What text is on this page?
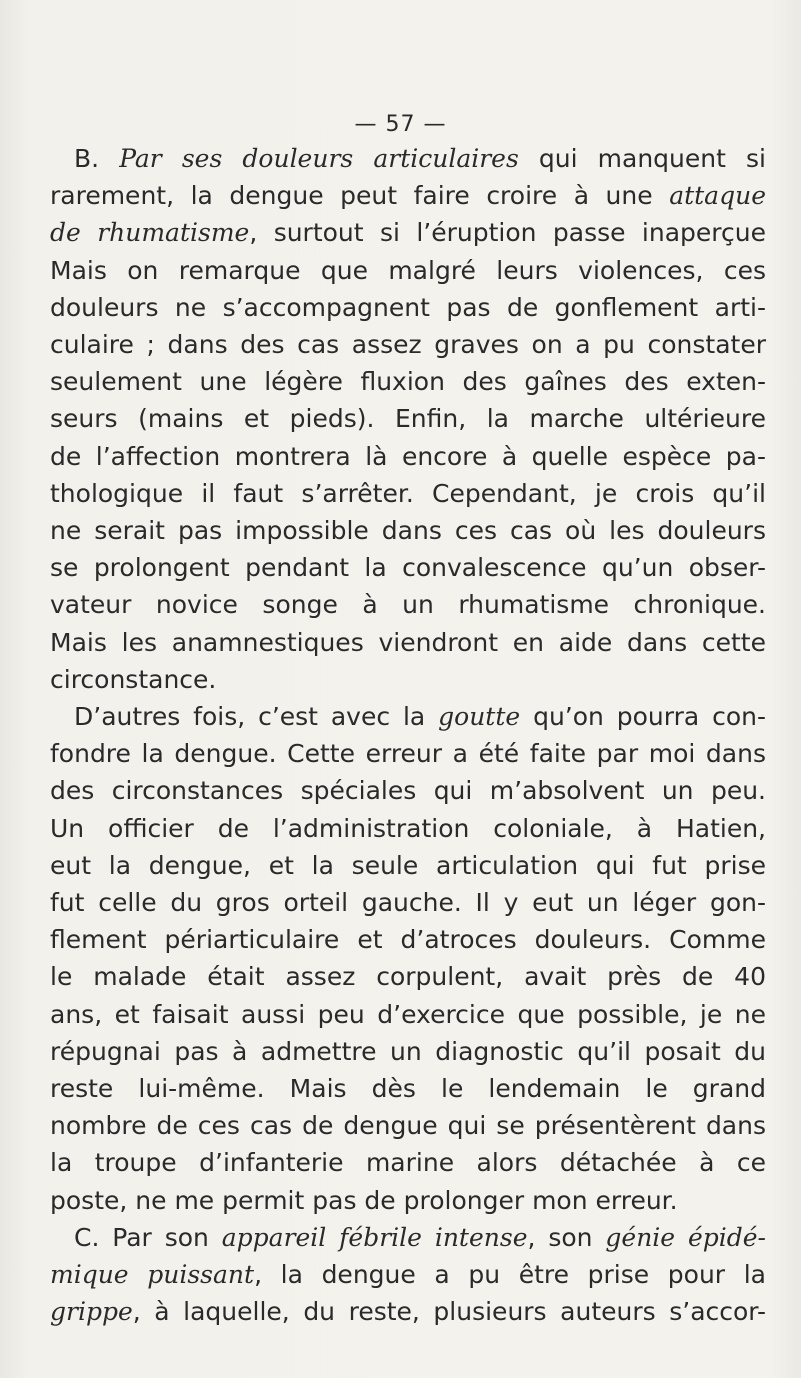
— 57 —
B. Par ses douleurs articulaires qui manquent si
rarement, la dengue peut faire croire à une attaque
de rhumatisme, surtout si l’éruption passe inaperçue
Mais on remarque que malgré leurs violences, ces
douleurs ne s’accompagnent pas de gonflement arti-
culaire ; dans des cas assez graves on a pu constater
seulement une légère fluxion des gaînes des exten-
seurs (mains et pieds). Enfin, la marche ultérieure
de l’affection montrera là encore à quelle espèce pa-
thologique il faut s’arrêter. Cependant, je crois qu’il
ne serait pas impossible dans ces cas où les douleurs
se prolongent pendant la convalescence qu’un obser-
vateur novice songe à un rhumatisme chronique.
Mais les anamnestiques viendront en aide dans cette
circonstance.
D’autres fois, c’est avec la goutte qu’on pourra con-
fondre la dengue. Cette erreur a été faite par moi dans
des circonstances spéciales qui m’absolvent un peu.
Un officier de l’administration coloniale, à Hatien,
eut la dengue, et la seule articulation qui fut prise
fut celle du gros orteil gauche. Il y eut un léger gon-
flement périarticulaire et d’atroces douleurs. Comme
le malade était assez corpulent, avait près de 40
ans, et faisait aussi peu d’exercice que possible, je ne
répugnai pas à admettre un diagnostic qu’il posait du
reste lui-même. Mais dès le lendemain le grand
nombre de ces cas de dengue qui se présentèrent dans
la troupe d’infanterie marine alors détachée à ce
poste, ne me permit pas de prolonger mon erreur.
C. Par son appareil fébrile intense, son génie épidé-
mique puissant, la dengue a pu être prise pour la
grippe, à laquelle, du reste, plusieurs auteurs s’accor-
